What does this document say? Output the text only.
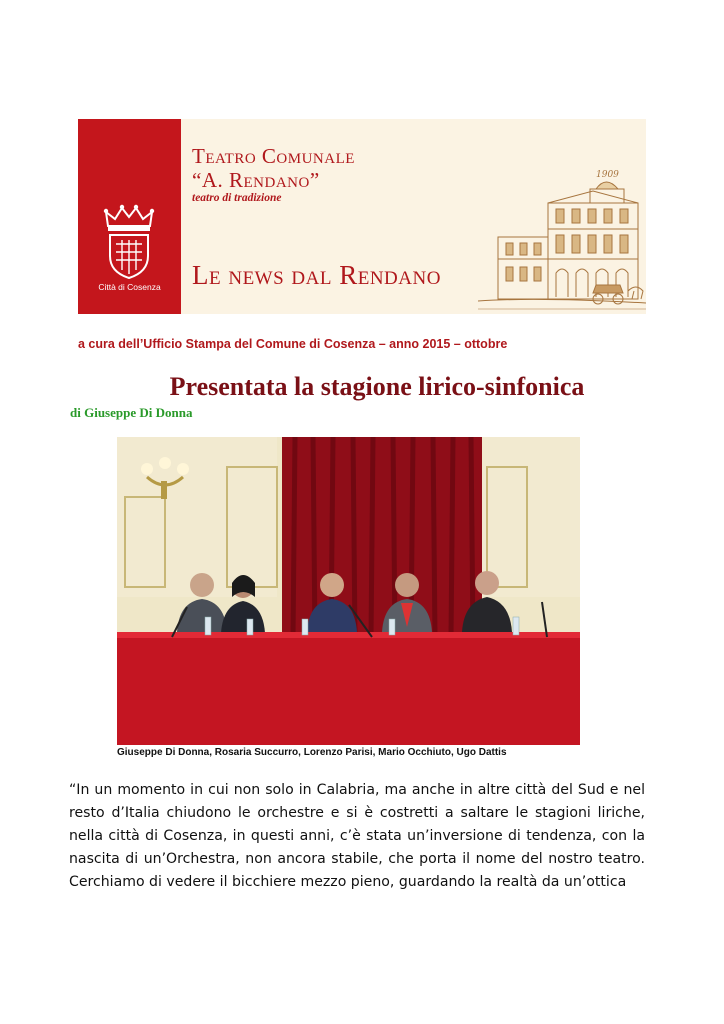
Città di Cosenza
Teatro Comunale
“A. Rendano”
teatro di tradizione
Le news dal Rendano
1909
a cura dell’Ufficio Stampa del Comune di Cosenza – anno 2015 – ottobre
Presentata la stagione lirico-sinfonica
di Giuseppe Di Donna
Giuseppe Di Donna, Rosaria Succurro, Lorenzo Parisi, Mario Occhiuto, Ugo Dattis

“In un momento in cui non solo in Calabria, ma anche in altre città del Sud e nel resto d’Italia chiudono le orchestre e si è costretti a saltare le stagioni liriche, nella città di Cosenza, in questi anni, c’è stata un’inversione di tendenza, con la nascita di un’Orchestra, non ancora stabile, che porta il nome del nostro teatro. Cerchiamo di vedere il bicchiere mezzo pieno, guardando la realtà da un’ottica
